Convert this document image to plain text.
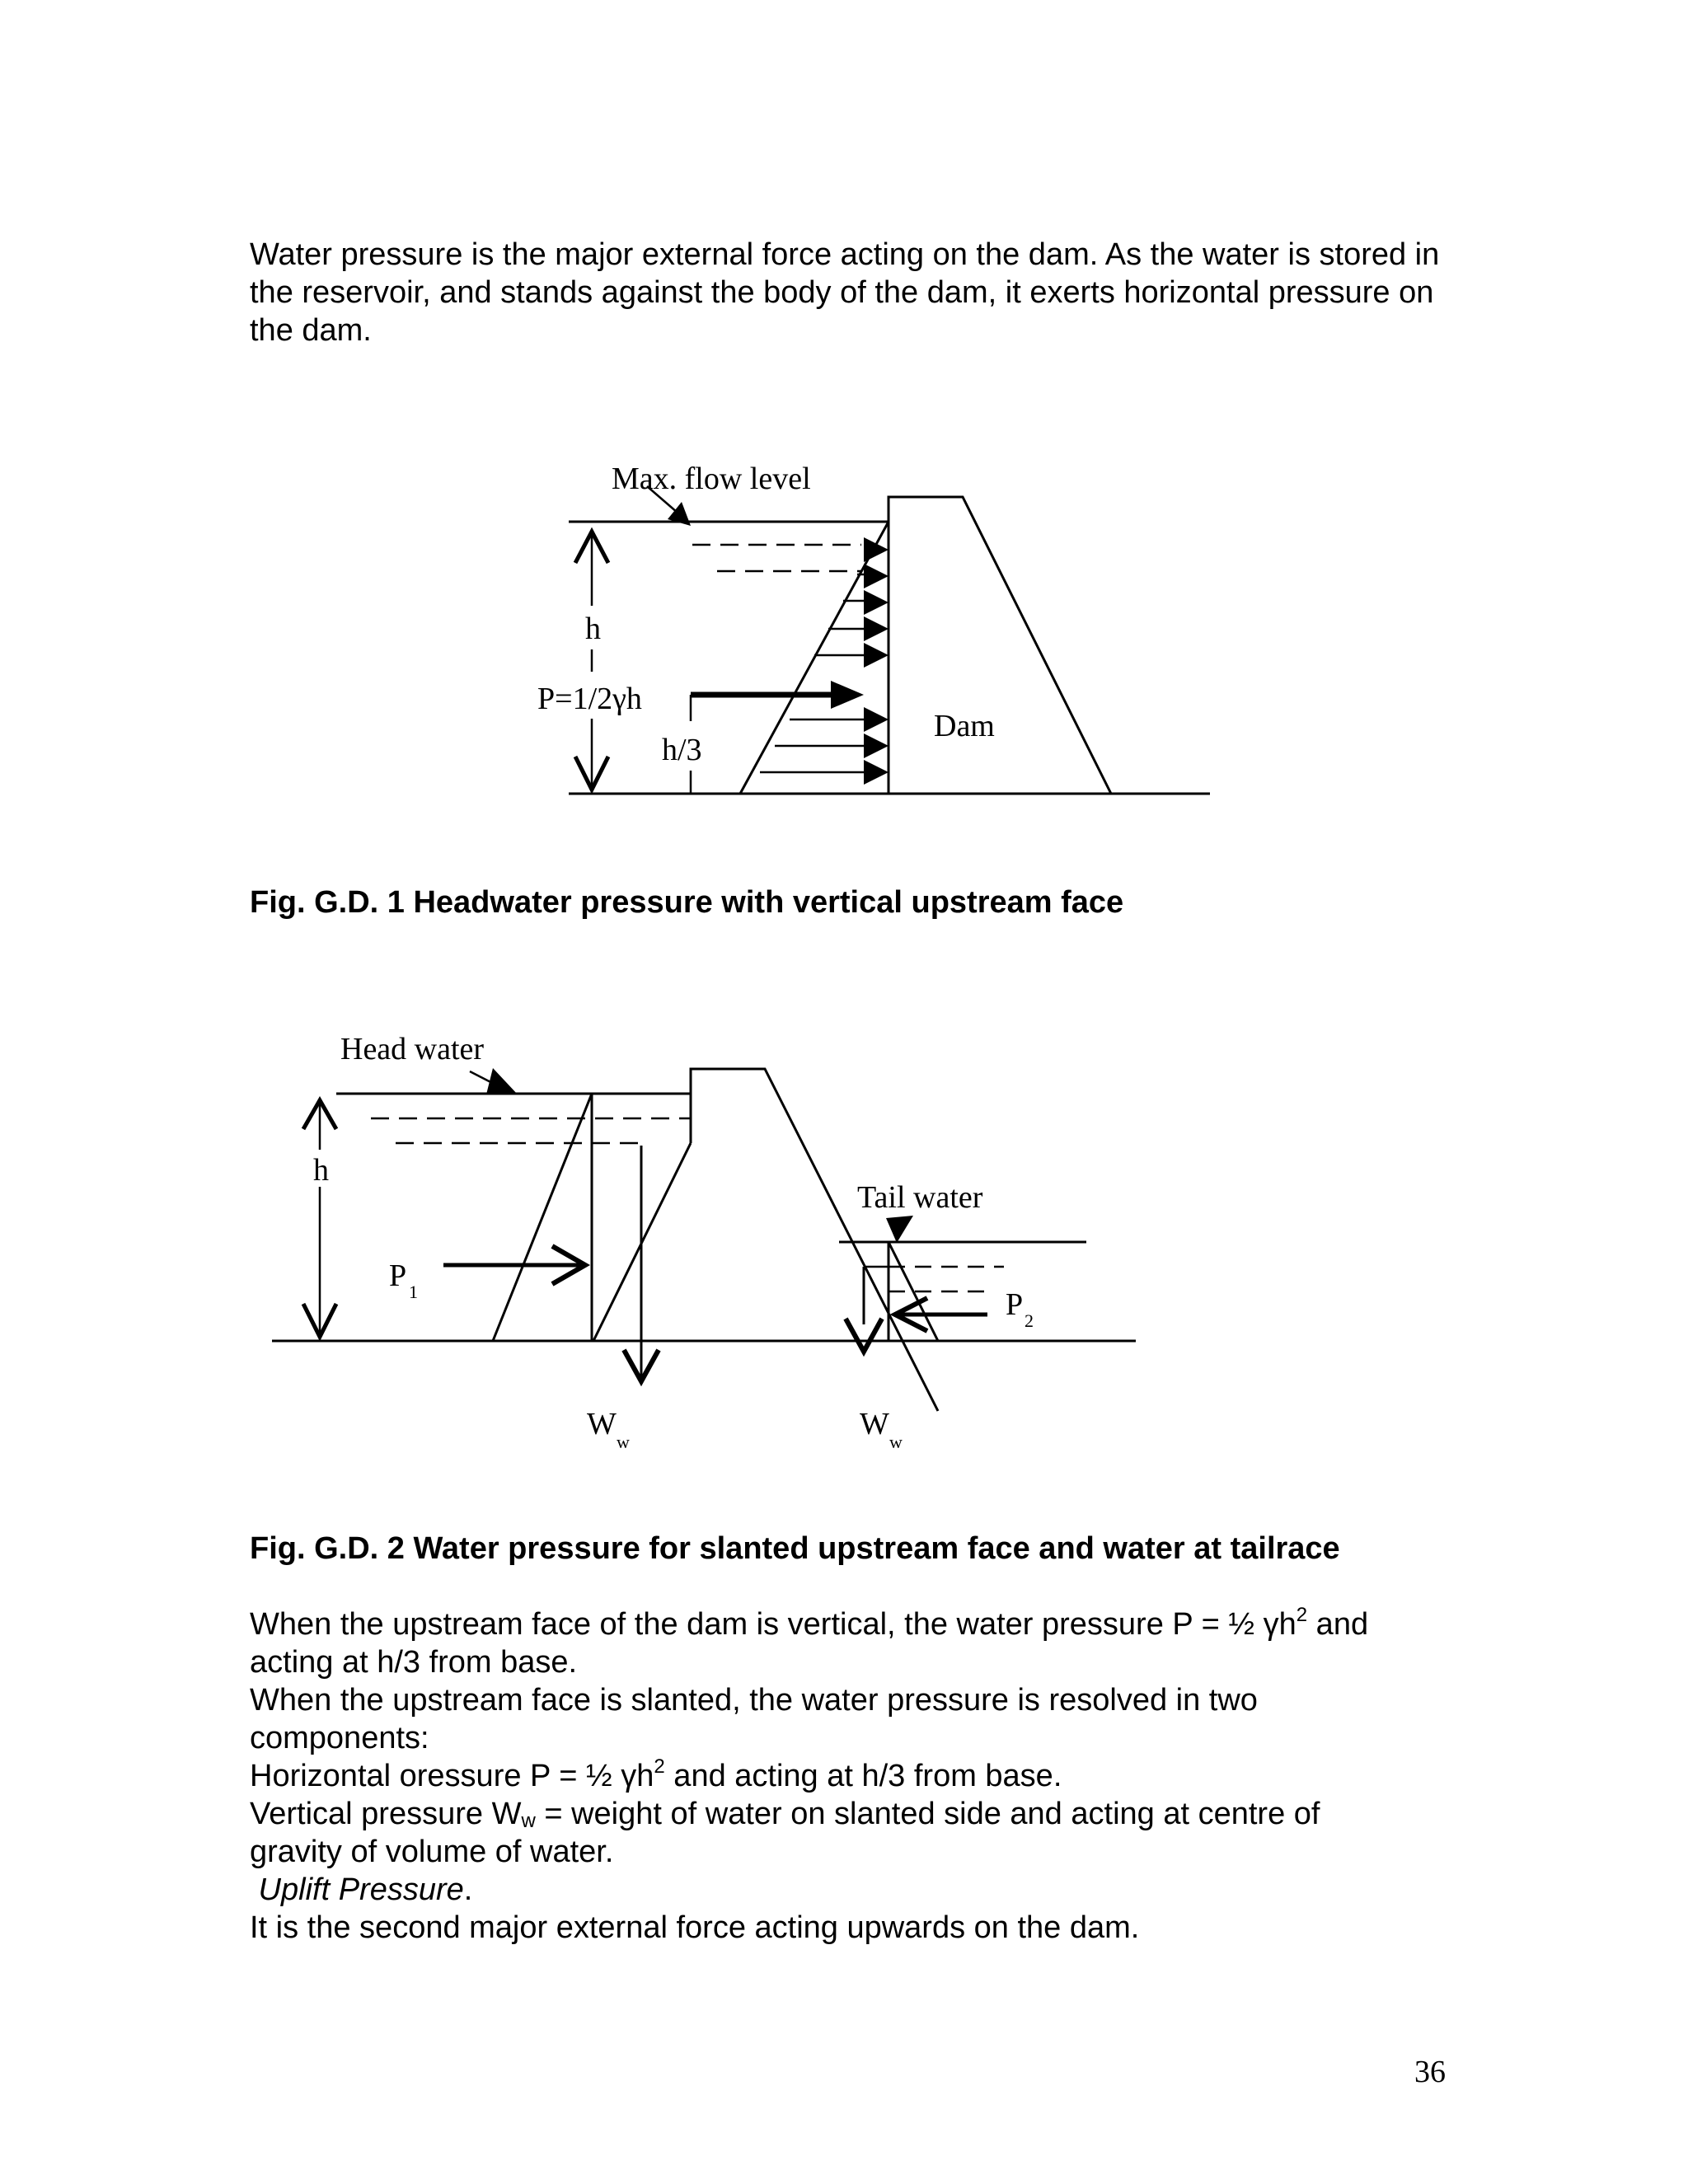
Water pressure is the major external force acting on the dam. As the water is stored in the reservoir, and stands against the body of the dam, it exerts horizontal pressure on the dam.

Max. flow level
h
P=1/2γh
h/3
Dam

Fig. G.D. 1 Headwater pressure with vertical upstream face

Head water
h
Tail water
P 1	P 2
W
w
W
w

Fig. G.D. 2 Water pressure for slanted upstream face and water at tailrace

When the upstream face of the dam is vertical, the water pressure P = ½ $\gamma h^2$ and

acting at h/3 from base.

When the upstream face is slanted, the water pressure is resolved in two

components:

Horizontal oressure P = ½ $\gamma h^2$ and acting at h/3 from base.

Vertical pressure $W_w$ = weight of water on slanted side and acting at centre of

gravity of volume of water.

Uplift Pressure.

It is the second major external force acting upwards on the dam.

36
